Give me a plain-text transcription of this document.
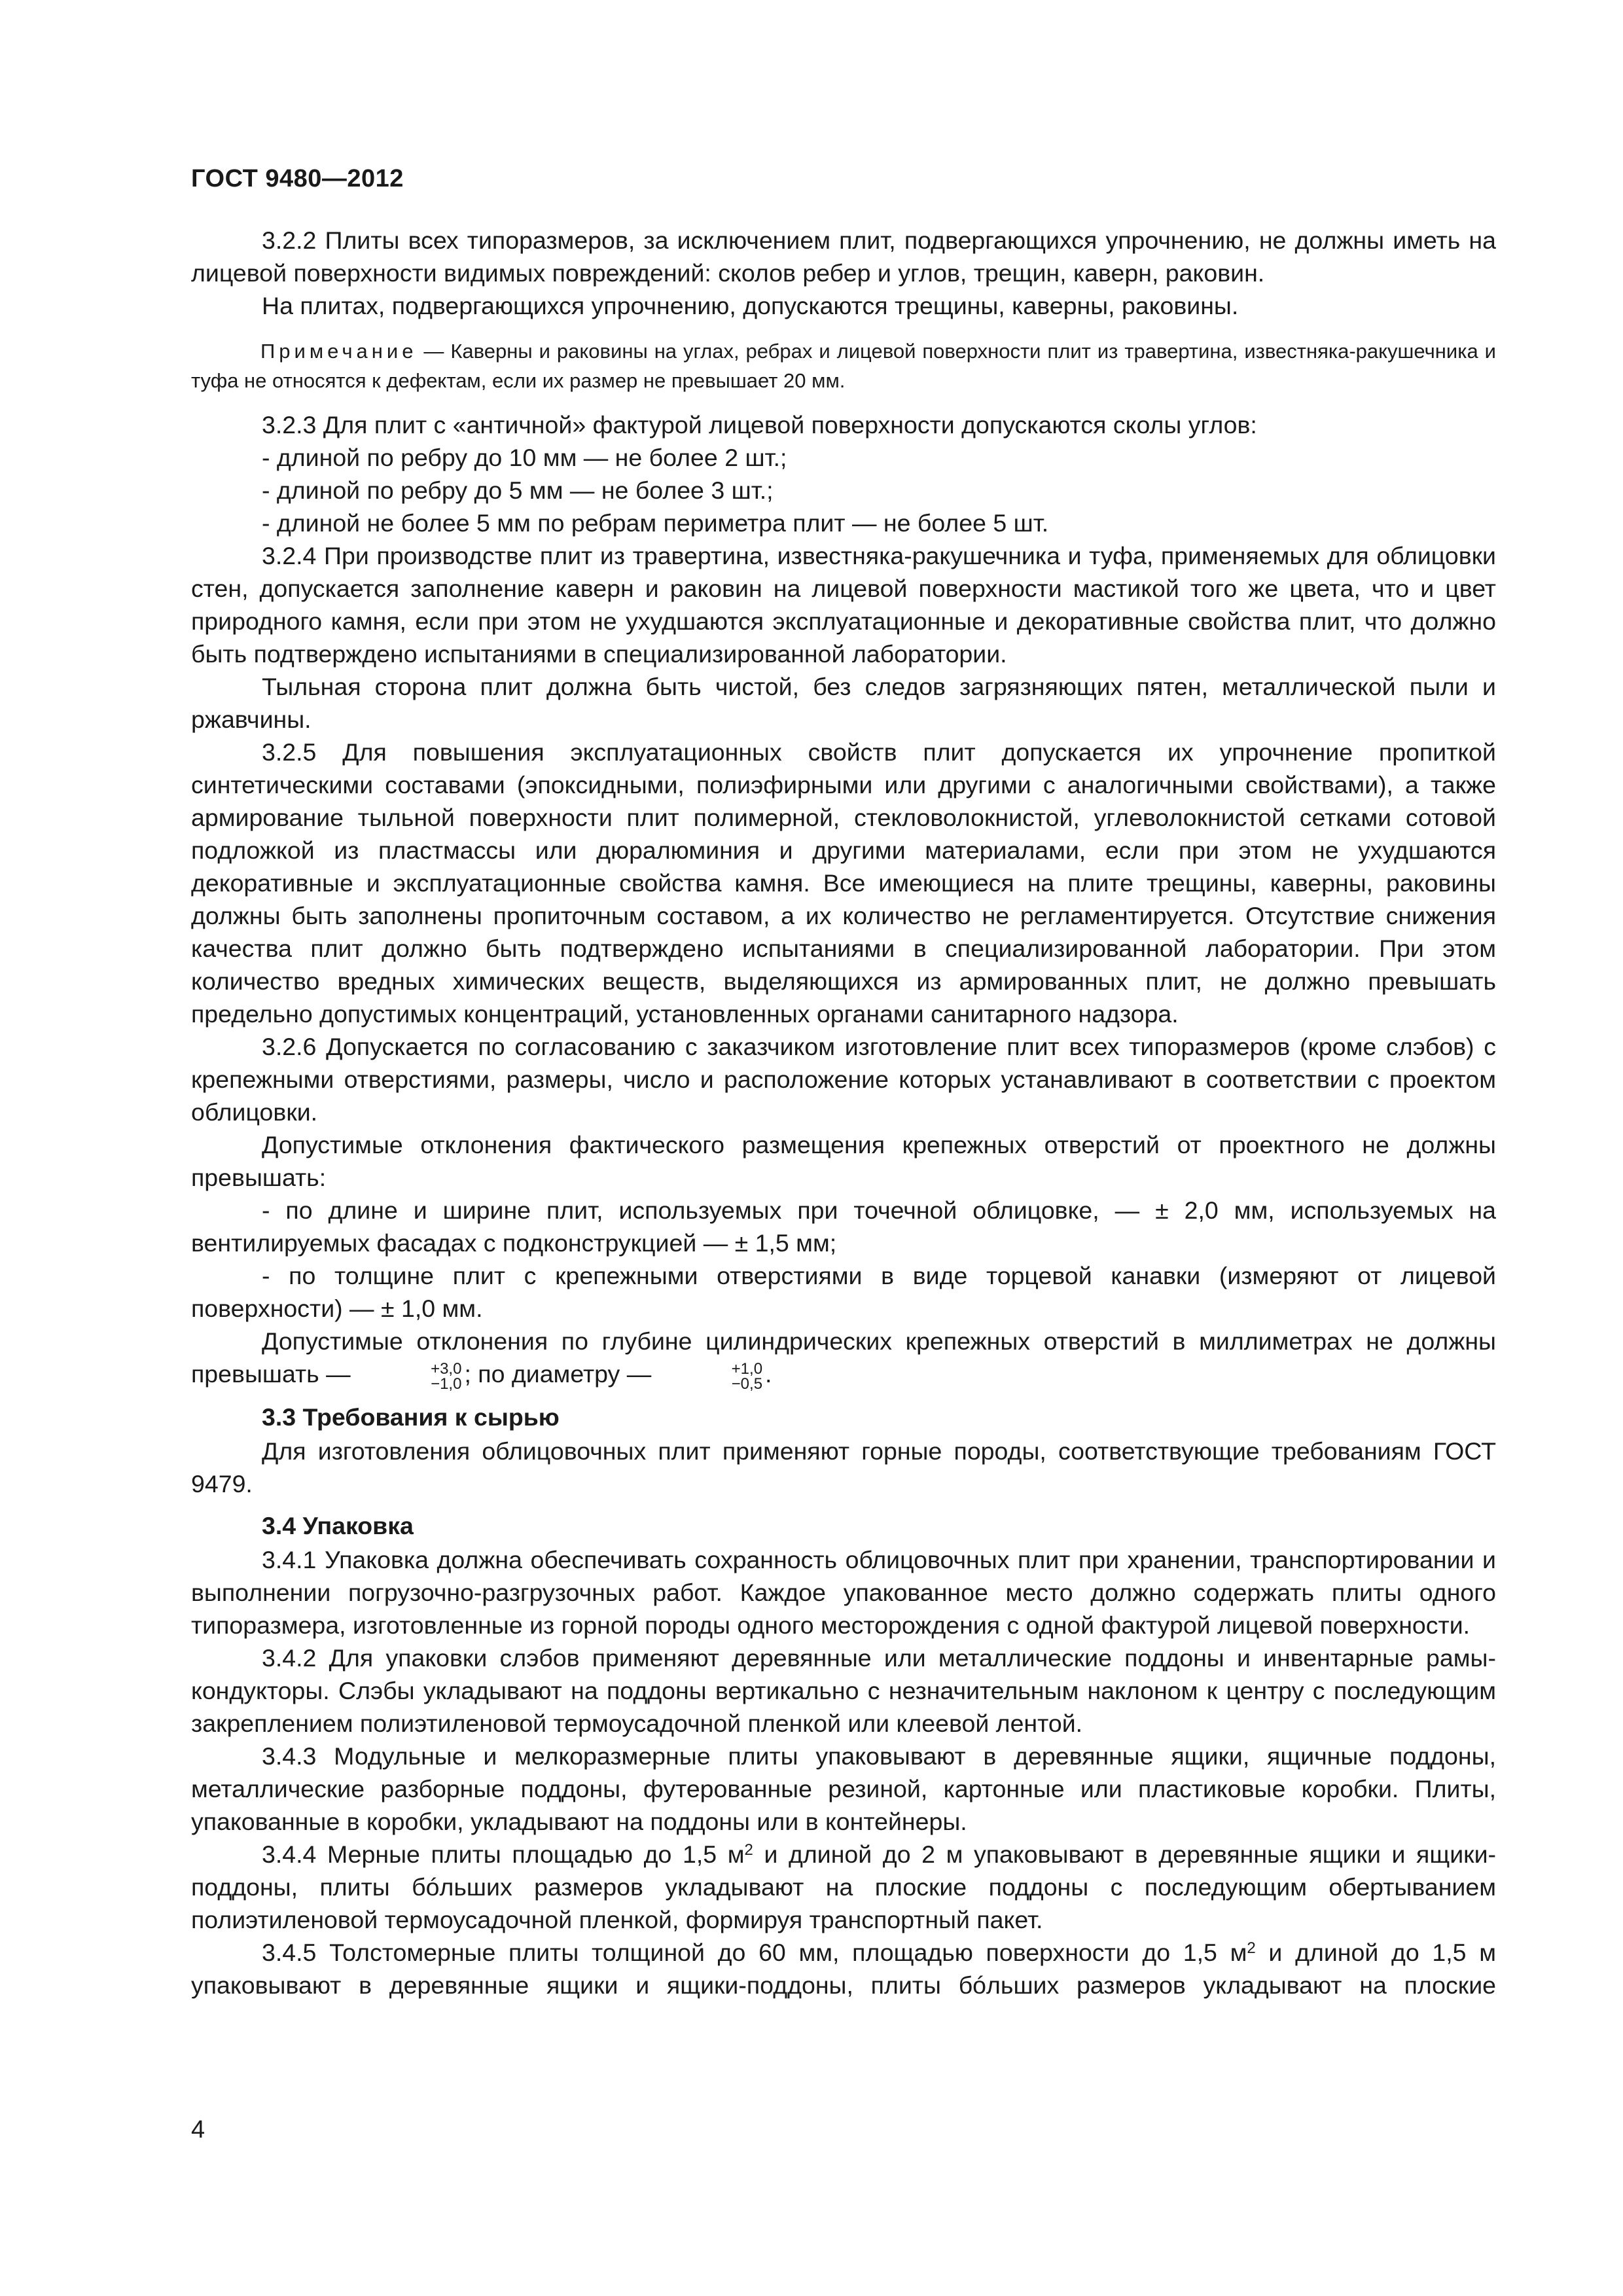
ГОСТ 9480—2012

3.2.2 Плиты всех типоразмеров, за исключением плит, подвергающихся упрочнению, не должны иметь на лицевой поверхности видимых повреждений: сколов ребер и углов, трещин, каверн, раковин.

На плитах, подвергающихся упрочнению, допускаются трещины, каверны, раковины.

Примечание — Каверны и раковины на углах, ребрах и лицевой поверхности плит из травертина, известняка-ракушечника и туфа не относятся к дефектам, если их размер не превышает 20 мм.

3.2.3 Для плит с «античной» фактурой лицевой поверхности допускаются сколы углов:

- длиной по ребру до 10 мм — не более 2 шт.;

- длиной по ребру до 5 мм — не более 3 шт.;

- длиной не более 5 мм по ребрам периметра плит — не более 5 шт.

3.2.4 При производстве плит из травертина, известняка-ракушечника и туфа, применяемых для облицовки стен, допускается заполнение каверн и раковин на лицевой поверхности мастикой того же цвета, что и цвет природного камня, если при этом не ухудшаются эксплуатационные и декоративные свойства плит, что должно быть подтверждено испытаниями в специализированной лаборатории.

Тыльная сторона плит должна быть чистой, без следов загрязняющих пятен, металлической пыли и ржавчины.

3.2.5 Для повышения эксплуатационных свойств плит допускается их упрочнение пропиткой синтетическими составами (эпоксидными, полиэфирными или другими с аналогичными свойствами), а также армирование тыльной поверхности плит полимерной, стекловолокнистой, углеволокнистой сетками сотовой подложкой из пластмассы или дюралюминия и другими материалами, если при этом не ухудшаются декоративные и эксплуатационные свойства камня. Все имеющиеся на плите трещины, каверны, раковины должны быть заполнены пропиточным составом, а их количество не регламентируется. Отсутствие снижения качества плит должно быть подтверждено испытаниями в специализированной лаборатории. При этом количество вредных химических веществ, выделяющихся из армированных плит, не должно превышать предельно допустимых концентраций, установленных органами санитарного надзора.

3.2.6 Допускается по согласованию с заказчиком изготовление плит всех типоразмеров (кроме слэбов) с крепежными отверстиями, размеры, число и расположение которых устанавливают в соответствии с проектом облицовки.

Допустимые отклонения фактического размещения крепежных отверстий от проектного не должны превышать:

- по длине и ширине плит, используемых при точечной облицовке, — ± 2,0 мм, используемых на вентилируемых фасадах с подконструкцией — ± 1,5 мм;

- по толщине плит с крепежными отверстиями в виде торцевой канавки (измеряют от лицевой поверхности) — ± 1,0 мм.

Допустимые отклонения по глубине цилиндрических крепежных отверстий в миллиметрах не должны превышать —	+3,0
−1,0 ; по диаметру —	+1,0
−0,5 .

3.3 Требования к сырью

Для изготовления облицовочных плит применяют горные породы, соответствующие требованиям ГОСТ 9479.

3.4 Упаковка

3.4.1 Упаковка должна обеспечивать сохранность облицовочных плит при хранении, транспортировании и выполнении погрузочно-разгрузочных работ. Каждое упакованное место должно содержать плиты одного типоразмера, изготовленные из горной породы одного месторождения с одной фактурой лицевой поверхности.

3.4.2 Для упаковки слэбов применяют деревянные или металлические поддоны и инвентарные рамы-кондукторы. Слэбы укладывают на поддоны вертикально с незначительным наклоном к центру с последующим закреплением полиэтиленовой термоусадочной пленкой или клеевой лентой.

3.4.3 Модульные и мелкоразмерные плиты упаковывают в деревянные ящики, ящичные поддоны, металлические разборные поддоны, футерованные резиной, картонные или пластиковые коробки. Плиты, упакованные в коробки, укладывают на поддоны или в контейнеры.

3.4.4 Мерные плиты площадью до 1,5 $м^2$ и длиной до 2 м упаковывают в деревянные ящики и ящики-поддоны, плиты бóльших размеров укладывают на плоские поддоны с последующим обертыванием полиэтиленовой термоусадочной пленкой, формируя транспортный пакет.

3.4.5 Толстомерные плиты толщиной до 60 мм, площадью поверхности до 1,5 $м^2$ и длиной до 1,5 м упаковывают в деревянные ящики и ящики-поддоны, плиты бóльших размеров укладывают на плоские

4
